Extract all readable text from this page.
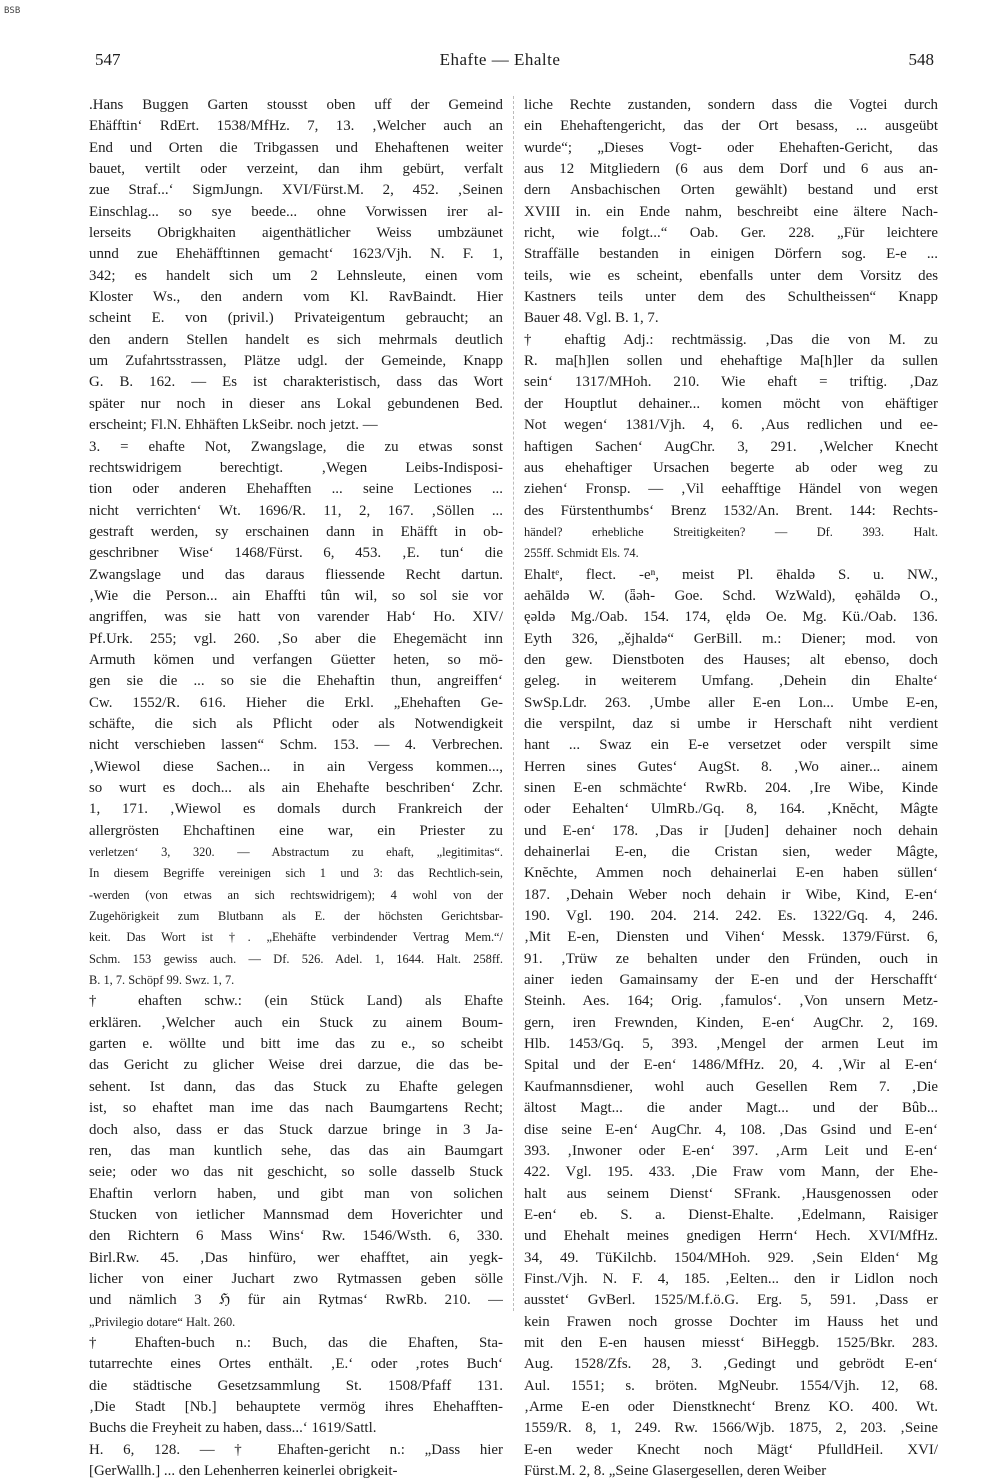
BSB
547	Ehafte — Ehalte	548
.Hans Buggen Garten stousst oben uff der Gemeind
Ehäfftin‘ RdErt. 1538/MfHz. 7, 13. ‚Welcher auch an
End und Orten die Tribgassen und Ehehaftenen weiter
bauet, vertilt oder verzeint, dan ihm gebürt, verfalt
zue Straf...‘ SigmJungn. XVI/Fürst.M. 2, 452. ‚Seinen
Einschlag... so sye beede... ohne Vorwissen irer al-
lerseits Obrigkhaiten aigenthätlicher Weiss umbzäunet
unnd zue Ehehäfftinnen gemacht‘ 1623/Vjh. N. F. 1,
342; es handelt sich um 2 Lehnsleute, einen vom
Kloster Ws., den andern vom Kl. RavBaindt. Hier
scheint E. von (privil.) Privateigentum gebraucht; an
den andern Stellen handelt es sich mehrmals deutlich
um Zufahrtsstrassen, Plätze udgl. der Gemeinde, Knapp
G. B. 162. — Es ist charakteristisch, dass das Wort
später nur noch in dieser ans Lokal gebundenen Bed.
erscheint; Fl.N. Ehhäften LkSeibr. noch jetzt. —
3. = ehafte Not, Zwangslage, die zu etwas sonst
rechtswidrigem berechtigt. ‚Wegen Leibs-Indisposi-
tion oder anderen Ehehafften ... seine Lectiones ...
nicht verrichten‘ Wt. 1696/R. 11, 2, 167. ‚Söllen ...
gestraft werden, sy erschainen dann in Ehäfft in ob-
geschribner Wise‘ 1468/Fürst. 6, 453. ‚E. tun‘ die
Zwangslage und das daraus fliessende Recht dartun.
‚Wie die Person... ain Ehaffti tûn wil, so sol sie vor
angriffen, was sie hatt von varender Hab‘ Ho. XIV/
Pf.Urk. 255; vgl. 260. ‚So aber die Ehegemächt inn
Armuth kömen und verfangen Güetter heten, so mö-
gen sie die ... so sie die Ehehaftin thun, angreiffen‘
Cw. 1552/R. 616. Hieher die Erkl. „Ehehaften Ge-
schäfte, die sich als Pflicht oder als Notwendigkeit
nicht verschieben lassen“ Schm. 153. — 4. Verbrechen.
‚Wiewol diese Sachen... in ain Vergess kommen...,
so wurt es doch... als ain Ehehafte beschriben‘ Zchr.
1, 171. ‚Wiewol es domals durch Frankreich der
allergrösten Ehchaftinen eine war, ein Priester zu
verletzen‘ 3, 320. — Abstractum zu ehaft, „legitimitas“.
In diesem Begriffe vereinigen sich 1 und 3: das Rechtlich-sein,
-werden (von etwas an sich rechtswidrigem); 4 wohl von der
Zugehörigkeit zum Blutbann als E. der höchsten Gerichtsbar-
keit. Das Wort ist †. „Ehehäfte verbindender Vertrag Mem.“/
Schm. 153 gewiss auch. — Df. 526. Adel. 1, 1644. Halt. 258ff.
B. 1, 7. Schöpf 99. Swz. 1, 7.
† ehaften schw.: (ein Stück Land) als Ehafte
erklären. ‚Welcher auch ein Stuck zu ainem Boum-
garten e. wöllte und bitt ime das zu e., so scheibt
das Gericht zu glicher Weise drei darzue, die das be-
sehent. Ist dann, das das Stuck zu Ehafte gelegen
ist, so ehaftet man ime das nach Baumgartens Recht;
doch also, dass er das Stuck darzue bringe in 3 Ja-
ren, das man kuntlich sehe, das das ain Baumgart
seie; oder wo das nit geschicht, so solle dasselb Stuck
Ehaftin verlorn haben, und gibt man von solichen
Stucken von ietlicher Mannsmad dem Hoverichter und
den Richtern 6 Mass Wins‘ Rw. 1546/Wsth. 6, 330.
Birl.Rw. 45. ‚Das hinfüro, wer ehafftet, ain yegk-
licher von einer Juchart zwo Rytmassen geben sölle
und nämlich 3 ℌ für ain Rytmas‘ RwRb. 210. —
„Privilegio dotare“ Halt. 260.
† Ehaften-buch n.: Buch, das die Ehaften, Sta-
tutarrechte eines Ortes enthält. ‚E.‘ oder ‚rotes Buch‘
die städtische Gesetzsammlung St. 1508/Pfaff 131.
‚Die Stadt [Nb.] behauptete vermög ihres Ehehafften-
Buchs die Freyheit zu haben, dass...‘ 1619/Sattl.
H. 6, 128. — † Ehaften-gericht n.: „Dass hier
[GerWallh.] ... den Lehenherren keinerlei obrigkeit-
liche Rechte zustanden, sondern dass die Vogtei durch
ein Ehehaftengericht, das der Ort besass, ... ausgeübt
wurde“; „Dieses Vogt- oder Ehehaften-Gericht, das
aus 12 Mitgliedern (6 aus dem Dorf und 6 aus an-
dern Ansbachischen Orten gewählt) bestand und erst
XVIII in. ein Ende nahm, beschreibt eine ältere Nach-
richt, wie folgt...“ Oab. Ger. 228. „Für leichtere
Straffälle bestanden in einigen Dörfern sog. E-e ...
teils, wie es scheint, ebenfalls unter dem Vorsitz des
Kastners teils unter dem des Schultheissen“ Knapp
Bauer 48. Vgl. B. 1, 7.
† ehaftig Adj.: rechtmässig. ‚Das die von M. zu
R. ma[h]len sollen und ehehaftige Ma[h]ler da sullen
sein‘ 1317/MHoh. 210. Wie ehaft = triftig. ‚Daz
der Houptlut dehainer... komen möcht von ehäftiger
Not wegen‘ 1381/Vjh. 4, 6. ‚Aus redlichen und ee-
haftigen Sachen‘ AugChr. 3, 291. ‚Welcher Knecht
aus ehehaftiger Ursachen begerte ab oder weg zu
ziehen‘ Fronsp. — ‚Vil eehafftige Händel von wegen
des Fürstenthumbs‘ Brenz 1532/An. Brent. 144: Rechts-
händel? erhebliche Streitigkeiten? — Df. 393. Halt.
255ff. Schmidt Els. 74.
Ehaltᵉ, flect. -eⁿ, meist Pl. ēhaldə S. u. NW.,
aehāldə W. (ǟəh- Goe. Schd. WzWald), ęəhāldə O.,
ęəldə Mg./Oab. 154. 174, ęldə Oe. Mg. Kü./Oab. 136.
Eyth 326, „ějhaldə“ GerBill. m.: Diener; mod. von
den gew. Dienstboten des Hauses; alt ebenso, doch
geleg. in weiterem Umfang. ‚Dehein din Ehalte‘
SwSp.Ldr. 263. ‚Umbe aller E-en Lon... Umbe E-en,
die verspilnt, daz si umbe ir Herschaft niht verdient
hant ... Swaz ein E-e versetzet oder verspilt sime
Herren sines Gutes‘ AugSt. 8. ‚Wo ainer... ainem
sinen E-en schmächte‘ RwRb. 204. ‚Ire Wibe, Kinde
oder Eehalten‘ UlmRb./Gq. 8, 164. ‚Knĕcht, Mâgte
und E-en‘ 178. ‚Das ir [Juden] dehainer noch dehain
dehainerlai E-en, die Cristan sien, weder Mâgte,
Knĕchte, Ammen noch dehainerlai E-en haben süllen‘
187. ‚Dehain Weber noch dehain ir Wibe, Kind, E-en‘
190. Vgl. 190. 204. 214. 242. Es. 1322/Gq. 4, 246.
‚Mit E-en, Diensten und Vihen‘ Messk. 1379/Fürst. 6,
91. ‚Trüw ze behalten under den Fründen, ouch in
ainer ieden Gamainsamy der E-en und der Herschafft‘
Steinh. Aes. 164; Orig. ‚famulos‘. ‚Von unsern Metz-
gern, iren Frewnden, Kinden, E-en‘ AugChr. 2, 169.
Hlb. 1453/Gq. 5, 393. ‚Mengel der armen Leut im
Spital und der E-en‘ 1486/MfHz. 20, 4. ‚Wir al E-en‘
Kaufmannsdiener, wohl auch Gesellen Rem 7. ‚Die
ältost Magt... die ander Magt... und der Bûb...
dise seine E-en‘ AugChr. 4, 108. ‚Das Gsind und E-en‘
393. ‚Inwoner oder E-en‘ 397. ‚Arm Leit und E-en‘
422. Vgl. 195. 433. ‚Die Fraw vom Mann, der Ehe-
halt aus seinem Dienst‘ SFrank. ‚Hausgenossen oder
E-en‘ eb. S. a. Dienst-Ehalte. ‚Edelmann, Raisiger
und Ehehalt meines gnedigen Herrn‘ Hech. XVI/MfHz.
34, 49. TüKilchb. 1504/MHoh. 929. ‚Sein Elden‘ Mg
Finst./Vjh. N. F. 4, 185. ‚Eelten... den ir Lidlon noch
ausstet‘ GvBerl. 1525/M.f.ö.G. Erg. 5, 591. ‚Dass er
kein Frawen noch grosse Dochter im Hauss het und
mit den E-en hausen miesst‘ BiHeggb. 1525/Bkr. 283.
Aug. 1528/Zfs. 28, 3. ‚Gedingt und gebrödt E-en‘
Aul. 1551; s. bröten. MgNeubr. 1554/Vjh. 12, 68.
‚Arme E-en oder Dienstknecht‘ Brenz KO. 400. Wt.
1559/R. 8, 1, 249. Rw. 1566/Wjb. 1875, 2, 203. ‚Seine
E-en weder Knecht noch Mägt‘ PfulldHeil. XVI/
Fürst.M. 2, 8. „Seine Glasergesellen, deren Weiber
